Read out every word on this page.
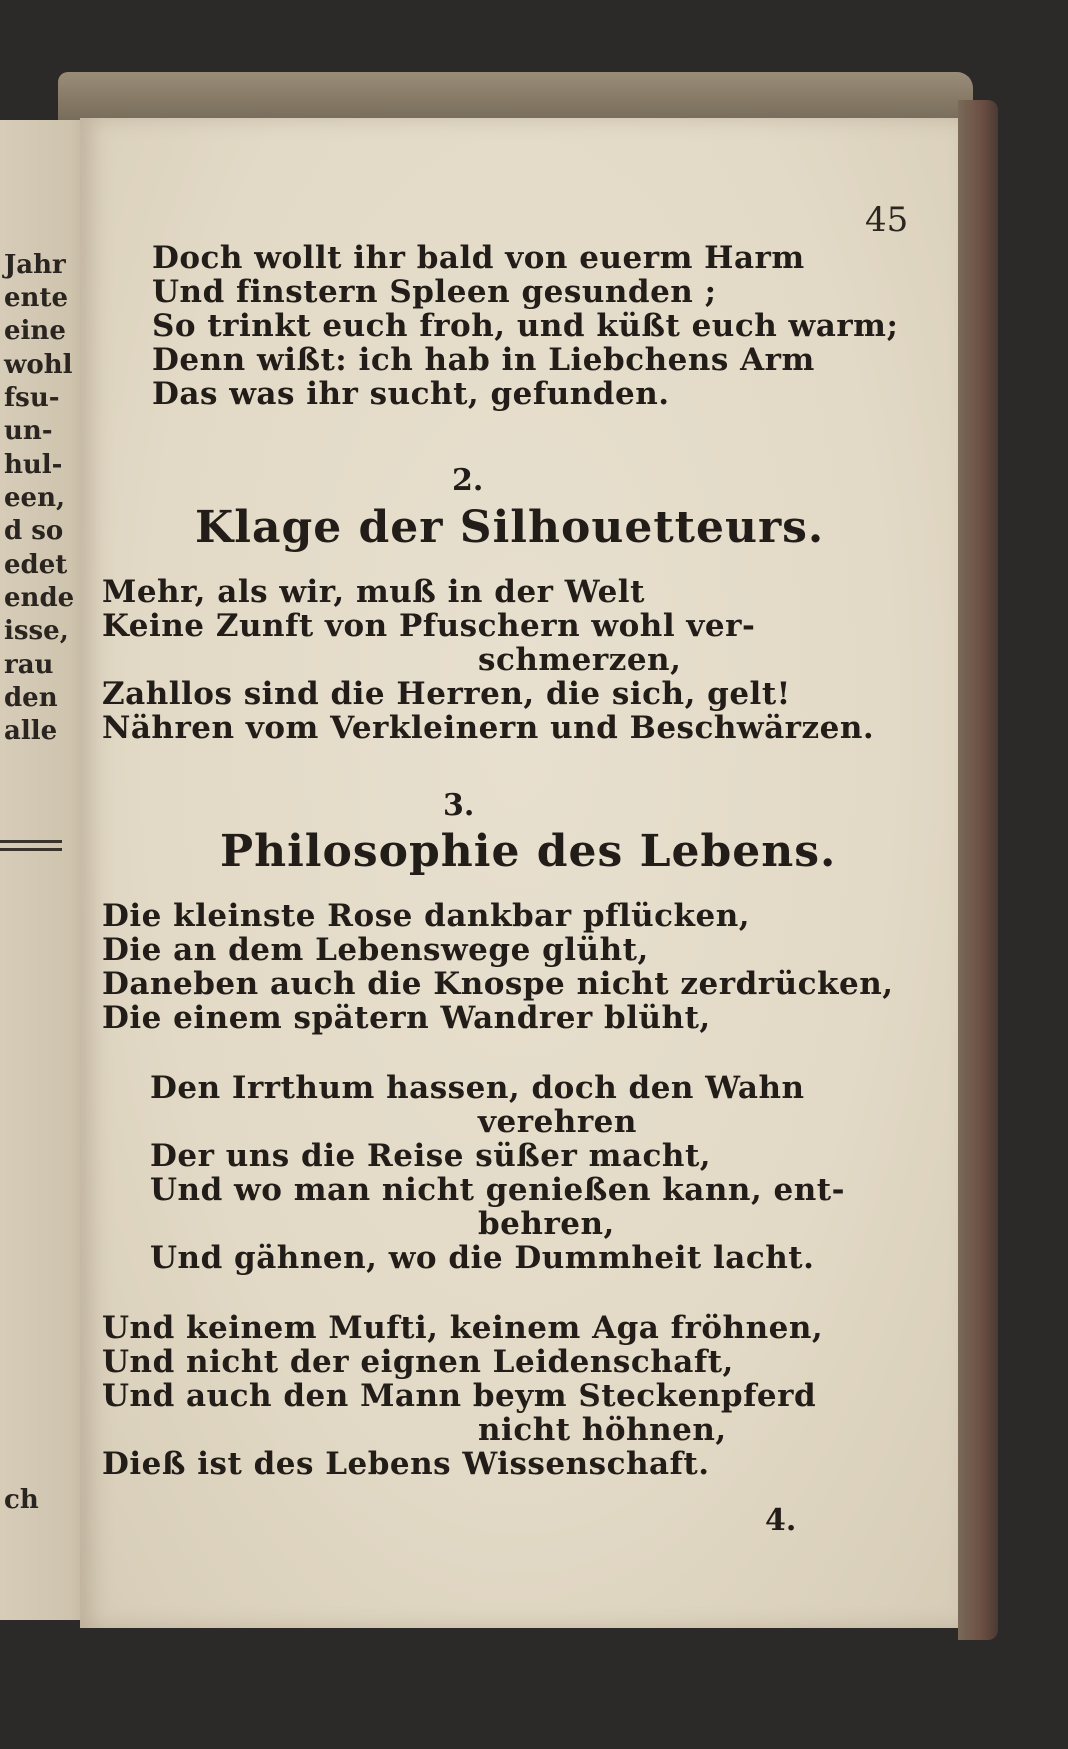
Jahr
ente
eine
wohl
fsu-
un-
hul-
een,
d so
edet
ende
isse,
rau
den
alle
ch
45
Doch wollt ihr bald von euerm Harm
Und finstern Spleen gesunden ;
So trinkt euch froh, und küßt euch warm;
Denn wißt: ich hab in Liebchens Arm
Das was ihr sucht, gefunden.
2.
Klage der Silhouetteurs.
Mehr, als wir, muß in der Welt
Keine Zunft von Pfuschern wohl ver-
schmerzen,
Zahllos sind die Herren, die sich, gelt!
Nähren vom Verkleinern und Beschwärzen.
3.
Philosophie des Lebens.
Die kleinste Rose dankbar pflücken,
Die an dem Lebenswege glüht,
Daneben auch die Knospe nicht zerdrücken,
Die einem spätern Wandrer blüht,
Den Irrthum hassen, doch den Wahn
verehren
Der uns die Reise süßer macht,
Und wo man nicht genießen kann, ent-
behren,
Und gähnen, wo die Dummheit lacht.
Und keinem Mufti, keinem Aga fröhnen,
Und nicht der eignen Leidenschaft,
Und auch den Mann beym Steckenpferd
nicht höhnen,
Dieß ist des Lebens Wissenschaft.
4.
